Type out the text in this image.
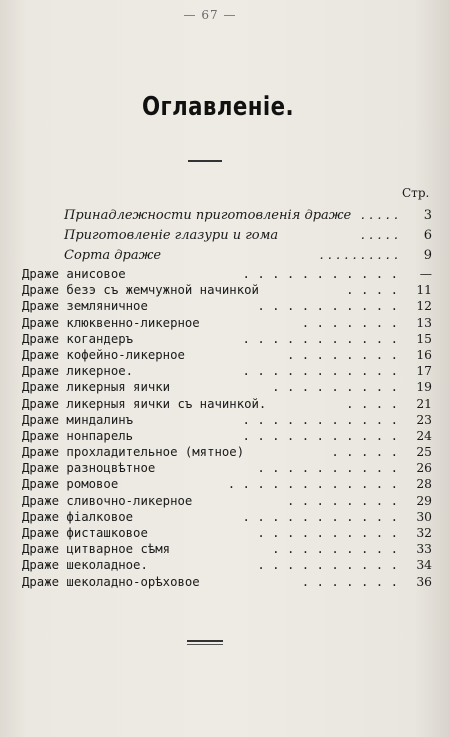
— 67 —
Оглавленіе.
Стр.
Принадлежности приготовленія драже . . . . .	3
Приготовленіе глазури и гома	. . . . .	6
Сорта драже	. . . . . . . . . .	9
Драже анисовое	. . . . . . . . . . .	—
Драже безэ съ жемчужной начинкой	. . . .	11
Драже земляничное	. . . . . . . . . .	12
Драже клюквенно-ликерное	. . . . . . .	13
Драже когандеръ	. . . . . . . . . . .	15
Драже кофейно-ликерное	. . . . . . . .	16
Драже ликерное.	. . . . . . . . . . .	17
Драже ликерныя яички	. . . . . . . . .	19
Драже ликерныя яички съ начинкой.	. . . .	21
Драже миндалинъ	. . . . . . . . . . .	23
Драже нонпарель	. . . . . . . . . . .	24
Драже прохладительное (мятное)	. . . . .	25
Драже разноцвѣтное	. . . . . . . . . .	26
Драже ромовое	. . . . . . . . . . . .	28
Драже сливочно-ликерное	. . . . . . . .	29
Драже фіалковое	. . . . . . . . . . .	30
Драже фисташковое	. . . . . . . . . .	32
Драже цитварное сѣмя	. . . . . . . . .	33
Драже шеколадное.	. . . . . . . . . .	34
Драже шеколадно-орѣховое	. . . . . . .	36
